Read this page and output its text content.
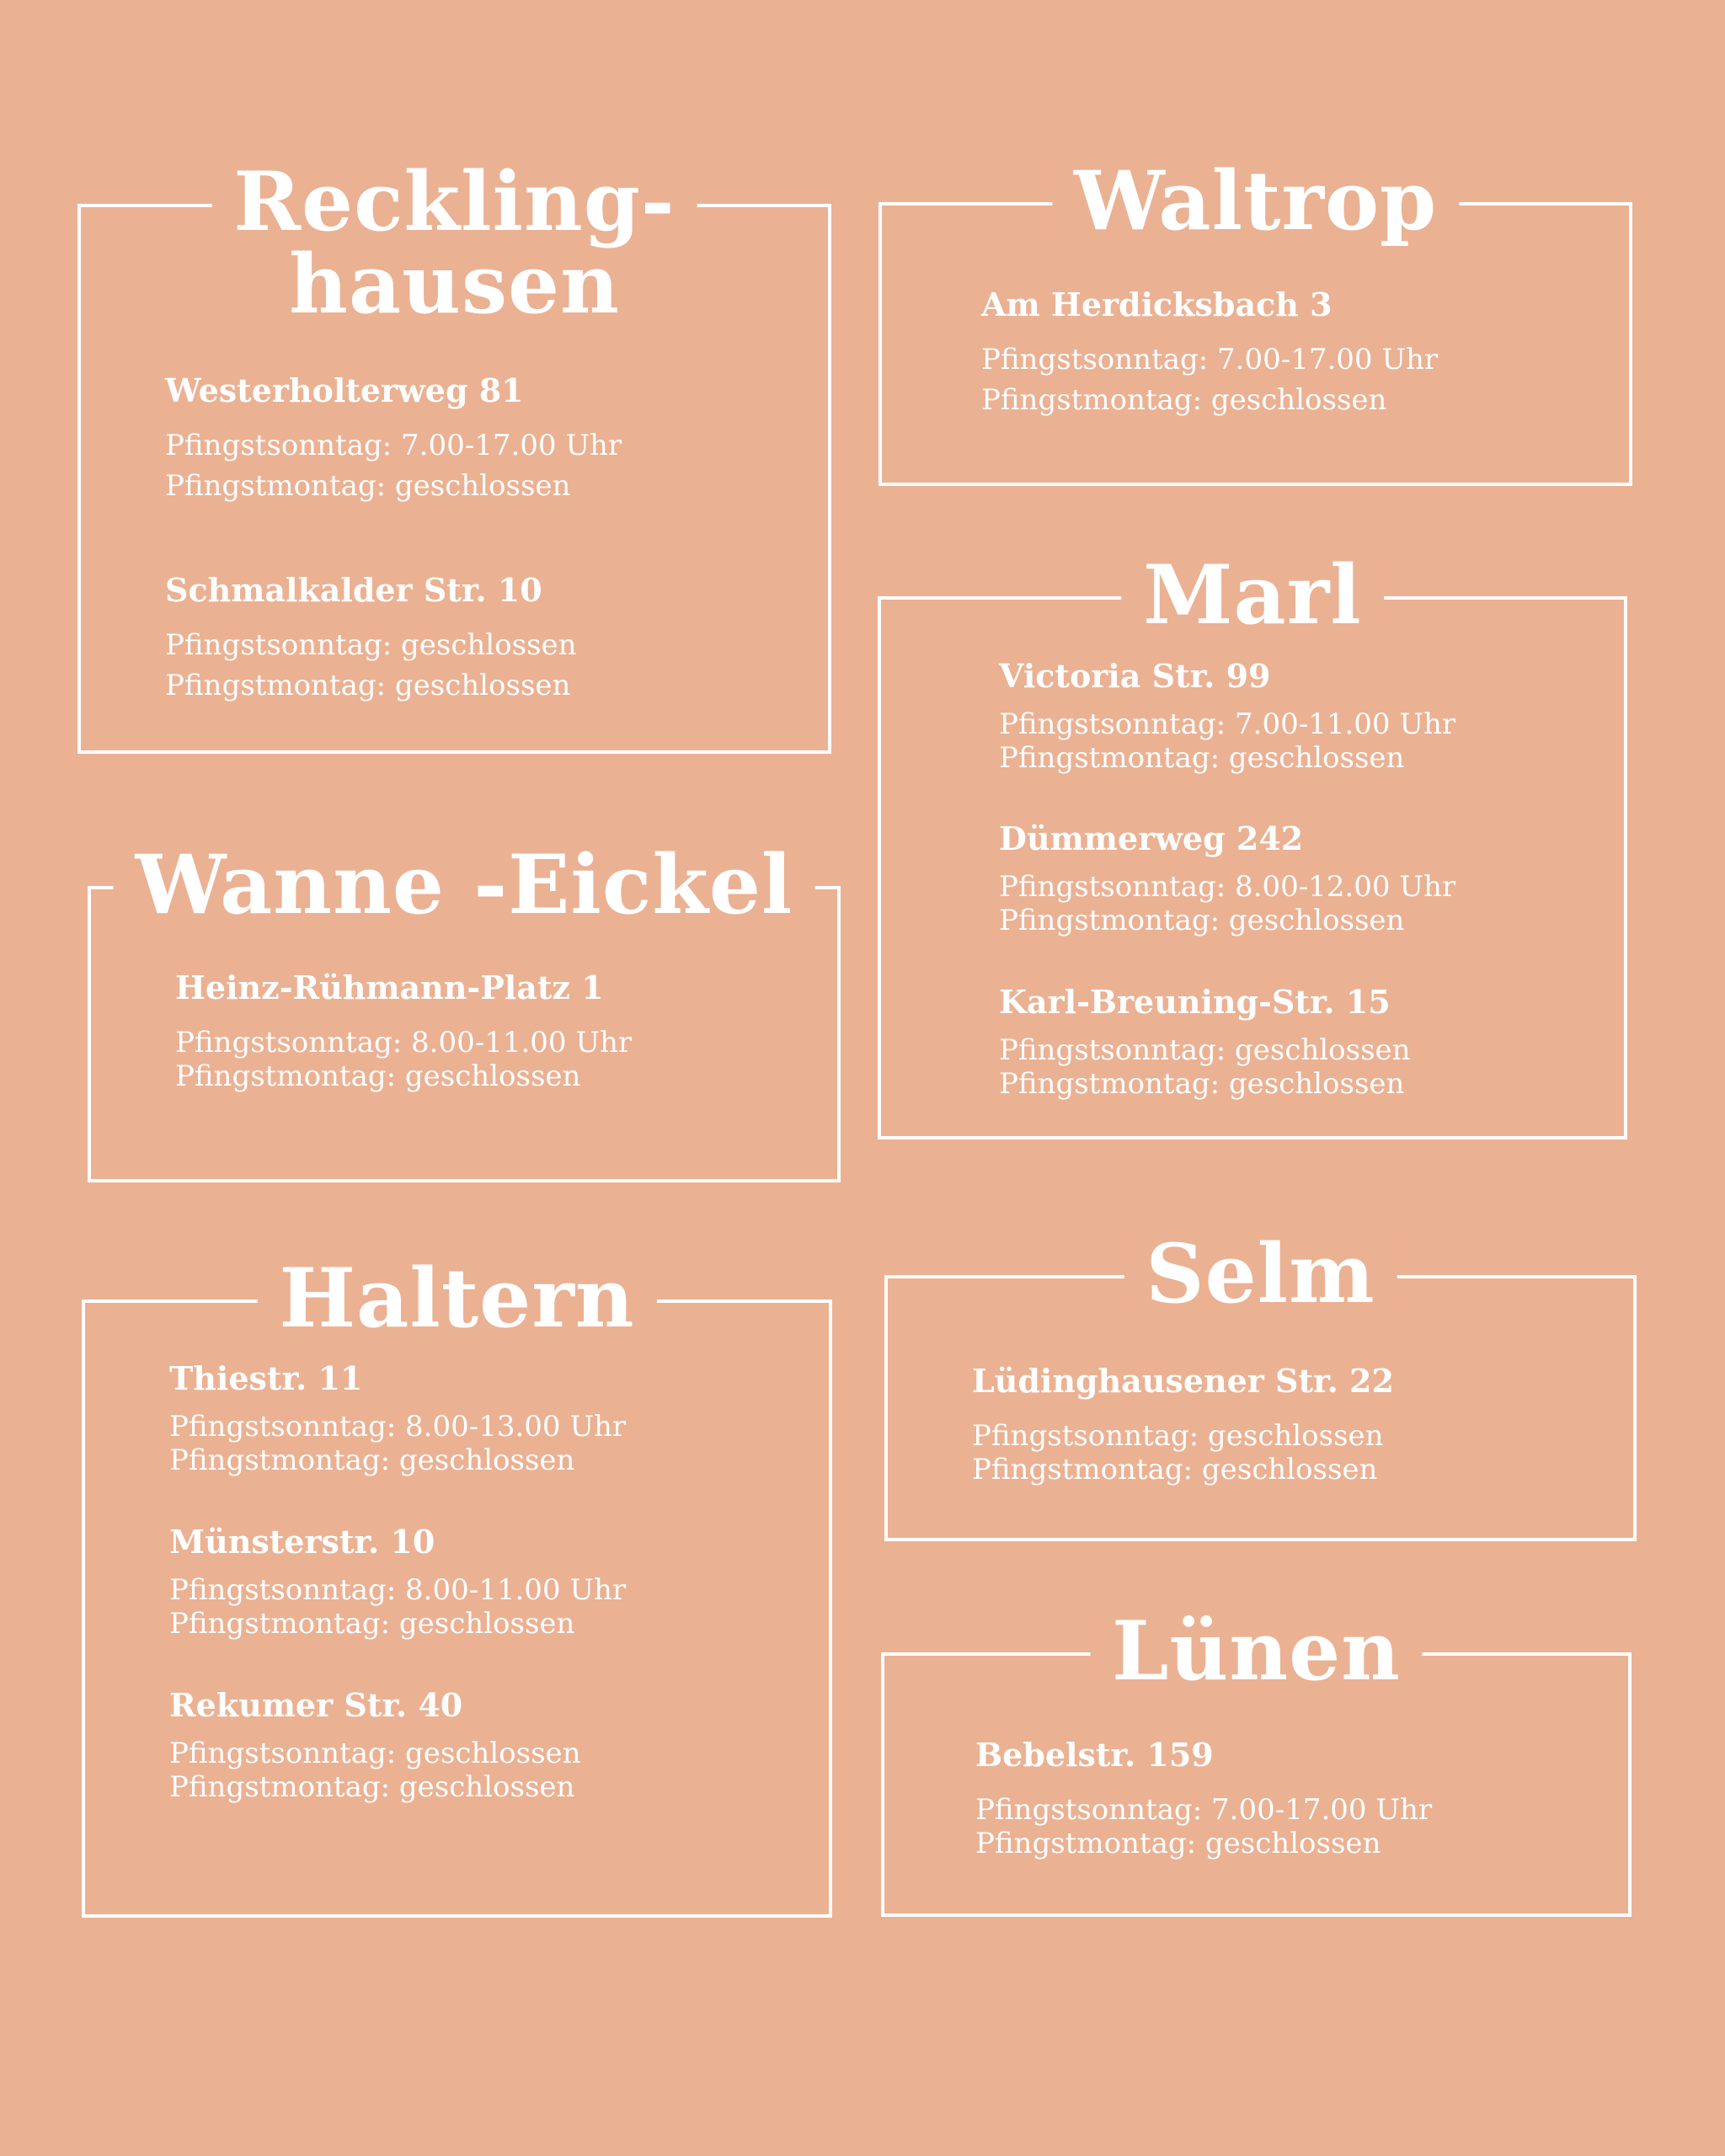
Reckling-
hausen
Westerholterweg 81
Pfingstsonntag: 7.00-17.00 Uhr
Pfingstmontag: geschlossen
Schmalkalder Str. 10
Pfingstsonntag: geschlossen
Pfingstmontag: geschlossen
Waltrop
Am Herdicksbach 3
Pfingstsonntag: 7.00-17.00 Uhr
Pfingstmontag: geschlossen
Marl
Victoria Str. 99
Pfingstsonntag: 7.00-11.00 Uhr
Pfingstmontag: geschlossen
Dümmerweg 242
Pfingstsonntag: 8.00-12.00 Uhr
Pfingstmontag: geschlossen
Karl-Breuning-Str. 15
Pfingstsonntag: geschlossen
Pfingstmontag: geschlossen
Wanne -Eickel
Heinz-Rühmann-Platz 1
Pfingstsonntag: 8.00-11.00 Uhr
Pfingstmontag: geschlossen
Haltern
Thiestr. 11
Pfingstsonntag: 8.00-13.00 Uhr
Pfingstmontag: geschlossen
Münsterstr. 10
Pfingstsonntag: 8.00-11.00 Uhr
Pfingstmontag: geschlossen
Rekumer Str. 40
Pfingstsonntag: geschlossen
Pfingstmontag: geschlossen
Selm
Lüdinghausener Str. 22
Pfingstsonntag: geschlossen
Pfingstmontag: geschlossen
Lünen
Bebelstr. 159
Pfingstsonntag: 7.00-17.00 Uhr
Pfingstmontag: geschlossen
